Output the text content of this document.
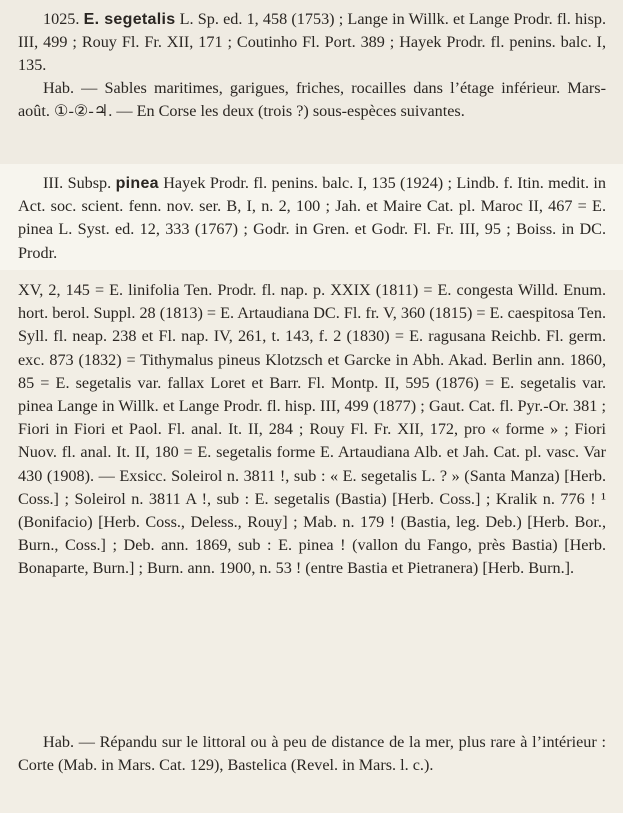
1025. E. segetalis L. Sp. ed. 1, 458 (1753) ; Lange in Willk. et Lange Prodr. fl. hisp. III, 499 ; Rouy Fl. Fr. XII, 171 ; Coutinho Fl. Port. 389 ; Hayek Prodr. fl. penins. balc. I, 135.
Hab. — Sables maritimes, garigues, friches, rocailles dans l’étage inférieur. Mars-août. ①-②-♃. — En Corse les deux (trois ?) sous-espèces suivantes.
III. Subsp. pinea Hayek Prodr. fl. penins. balc. I, 135 (1924) ; Lindb. f. Itin. medit. in Act. soc. scient. fenn. nov. ser. B, I, n. 2, 100 ; Jah. et Maire Cat. pl. Maroc II, 467 = E. pinea L. Syst. ed. 12, 333 (1767) ; Godr. in Gren. et Godr. Fl. Fr. III, 95 ; Boiss. in DC. Prodr.
XV, 2, 145 = E. linifolia Ten. Prodr. fl. nap. p. XXIX (1811) = E. congesta Willd. Enum. hort. berol. Suppl. 28 (1813) = E. Artaudiana DC. Fl. fr. V, 360 (1815) = E. caespitosa Ten. Syll. fl. neap. 238 et Fl. nap. IV, 261, t. 143, f. 2 (1830) = E. ragusana Reichb. Fl. germ. exc. 873 (1832) = Tithymalus pineus Klotzsch et Garcke in Abh. Akad. Berlin ann. 1860, 85 = E. segetalis var. fallax Loret et Barr. Fl. Montp. II, 595 (1876) = E. segetalis var. pinea Lange in Willk. et Lange Prodr. fl. hisp. III, 499 (1877) ; Gaut. Cat. fl. Pyr.-Or. 381 ; Fiori in Fiori et Paol. Fl. anal. It. II, 284 ; Rouy Fl. Fr. XII, 172, pro « forme » ; Fiori Nuov. fl. anal. It. II, 180 = E. segetalis forme E. Artaudiana Alb. et Jah. Cat. pl. vasc. Var 430 (1908). — Exsicc. Soleirol n. 3811 !, sub : « E. segetalis L. ? » (Santa Manza) [Herb. Coss.] ; Soleirol n. 3811 A !, sub : E. segetalis (Bastia) [Herb. Coss.] ; Kralik n. 776 ! ¹ (Bonifacio) [Herb. Coss., Deless., Rouy] ; Mab. n. 179 ! (Bastia, leg. Deb.) [Herb. Bor., Burn., Coss.] ; Deb. ann. 1869, sub : E. pinea ! (vallon du Fango, près Bastia) [Herb. Bonaparte, Burn.] ; Burn. ann. 1900, n. 53 ! (entre Bastia et Pietranera) [Herb. Burn.].
Hab. — Répandu sur le littoral ou à peu de distance de la mer, plus rare à l’intérieur : Corte (Mab. in Mars. Cat. 129), Bastelica (Revel. in Mars. l. c.).
